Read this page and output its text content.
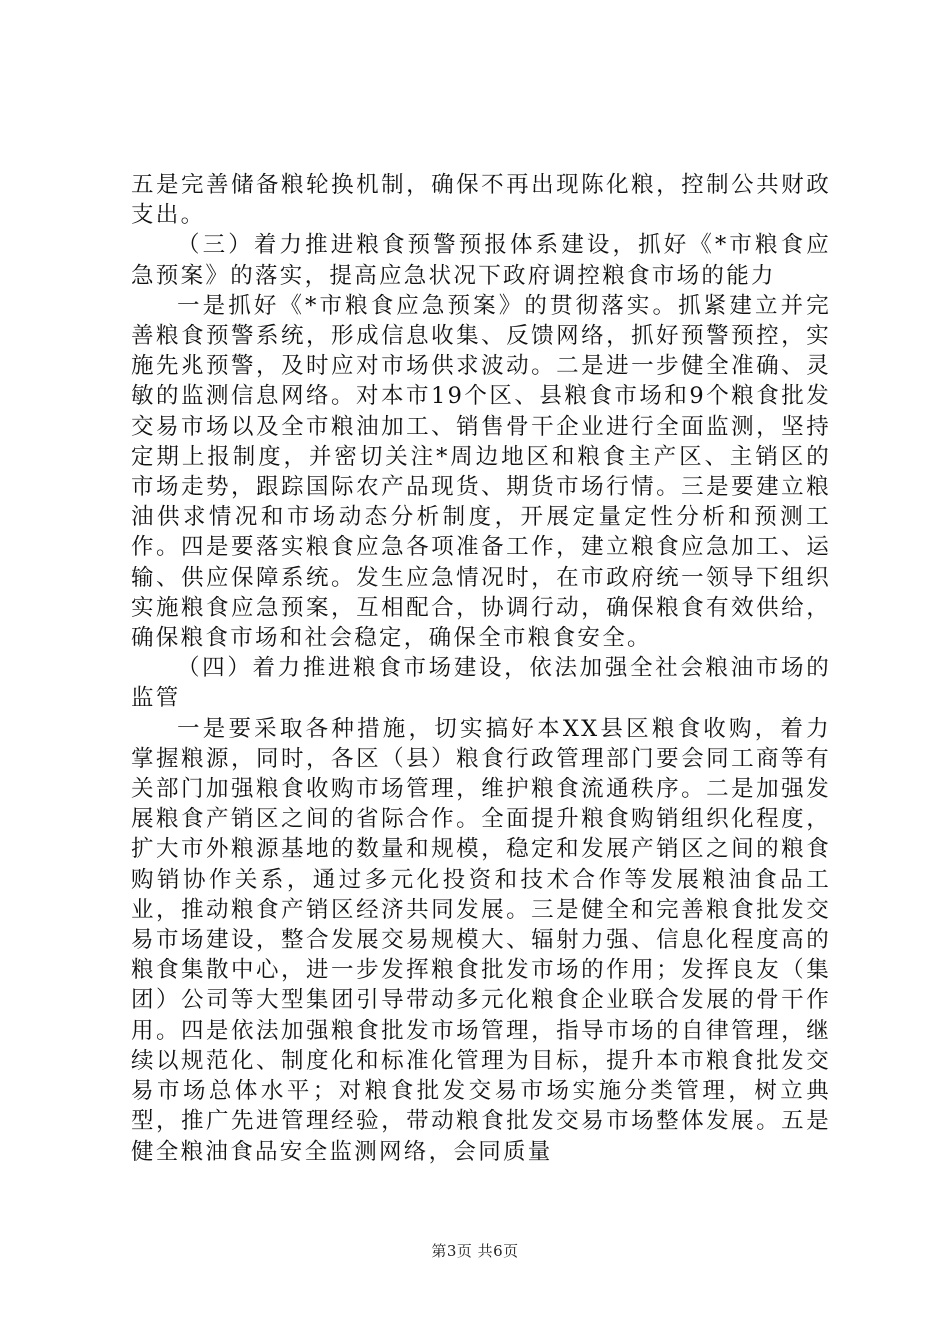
五是完善储备粮轮换机制，确保不再出现陈化粮，控制公共财政支出。

（三）着力推进粮食预警预报体系建设，抓好《*市粮食应急预案》的落实，提高应急状况下政府调控粮食市场的能力

一是抓好《*市粮食应急预案》的贯彻落实。抓紧建立并完善粮食预警系统，形成信息收集、反馈网络，抓好预警预控，实施先兆预警，及时应对市场供求波动。二是进一步健全准确、灵敏的监测信息网络。对本市19个区、县粮食市场和9个粮食批发交易市场以及全市粮油加工、销售骨干企业进行全面监测，坚持定期上报制度，并密切关注*周边地区和粮食主产区、主销区的市场走势，跟踪国际农产品现货、期货市场行情。三是要建立粮油供求情况和市场动态分析制度，开展定量定性分析和预测工作。四是要落实粮食应急各项准备工作，建立粮食应急加工、运输、供应保障系统。发生应急情况时，在市政府统一领导下组织实施粮食应急预案，互相配合，协调行动，确保粮食有效供给，确保粮食市场和社会稳定，确保全市粮食安全。

（四）着力推进粮食市场建设，依法加强全社会粮油市场的监管

一是要采取各种措施，切实搞好本XX县区粮食收购，着力掌握粮源，同时，各区（县）粮食行政管理部门要会同工商等有关部门加强粮食收购市场管理，维护粮食流通秩序。二是加强发展粮食产销区之间的省际合作。全面提升粮食购销组织化程度，扩大市外粮源基地的数量和规模，稳定和发展产销区之间的粮食购销协作关系，通过多元化投资和技术合作等发展粮油食品工业，推动粮食产销区经济共同发展。三是健全和完善粮食批发交易市场建设，整合发展交易规模大、辐射力强、信息化程度高的粮食集散中心，进一步发挥粮食批发市场的作用；发挥良友（集团）公司等大型集团引导带动多元化粮食企业联合发展的骨干作用。四是依法加强粮食批发市场管理，指导市场的自律管理，继续以规范化、制度化和标准化管理为目标，提升本市粮食批发交易市场总体水平；对粮食批发交易市场实施分类管理，树立典型，推广先进管理经验，带动粮食批发交易市场整体发展。五是健全粮油食品安全监测网络，会同质量

第3页 共6页
